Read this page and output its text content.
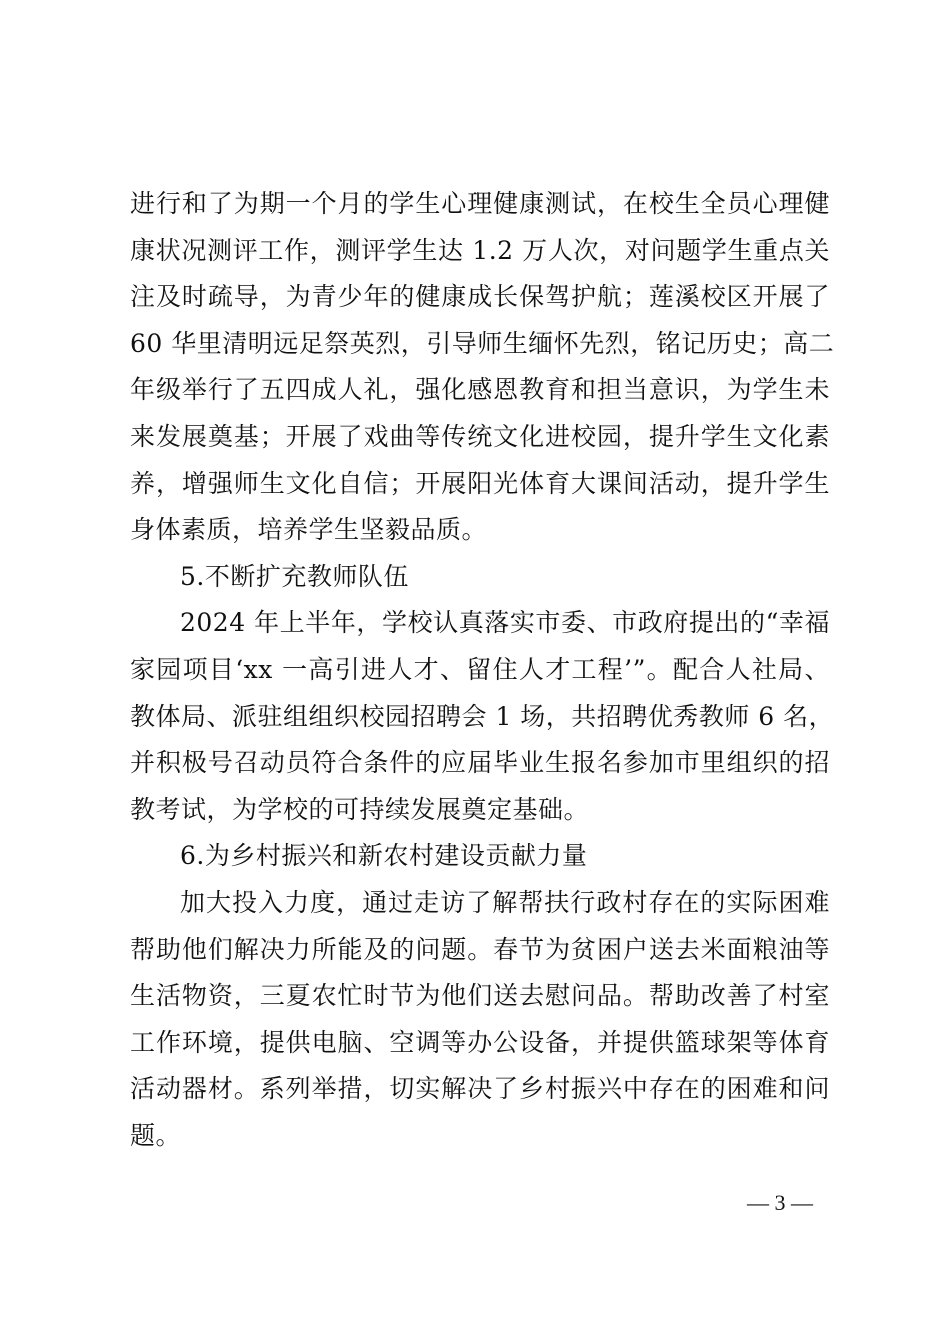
进行和了为期一个月的学生心理健康测试，在校生全员心理健
康状况测评工作，测评学生达 1.2 万人次，对问题学生重点关
注及时疏导，为青少年的健康成长保驾护航；莲溪校区开展了
60 华里清明远足祭英烈，引导师生缅怀先烈，铭记历史；高二
年级举行了五四成人礼，强化感恩教育和担当意识，为学生未
来发展奠基；开展了戏曲等传统文化进校园，提升学生文化素
养，增强师生文化自信；开展阳光体育大课间活动，提升学生
身体素质，培养学生坚毅品质。
5.不断扩充教师队伍
2024 年上半年，学校认真落实市委、市政府提出的“幸福
家园项目‘xx 一高引进人才、留住人才工程’”。配合人社局、
教体局、派驻组组织校园招聘会 1 场，共招聘优秀教师 6 名，
并积极号召动员符合条件的应届毕业生报名参加市里组织的招
教考试，为学校的可持续发展奠定基础。
6.为乡村振兴和新农村建设贡献力量
加大投入力度，通过走访了解帮扶行政村存在的实际困难
帮助他们解决力所能及的问题。春节为贫困户送去米面粮油等
生活物资，三夏农忙时节为他们送去慰问品。帮助改善了村室
工作环境，提供电脑、空调等办公设备，并提供篮球架等体育
活动器材。系列举措，切实解决了乡村振兴中存在的困难和问
题。
— 3 —
